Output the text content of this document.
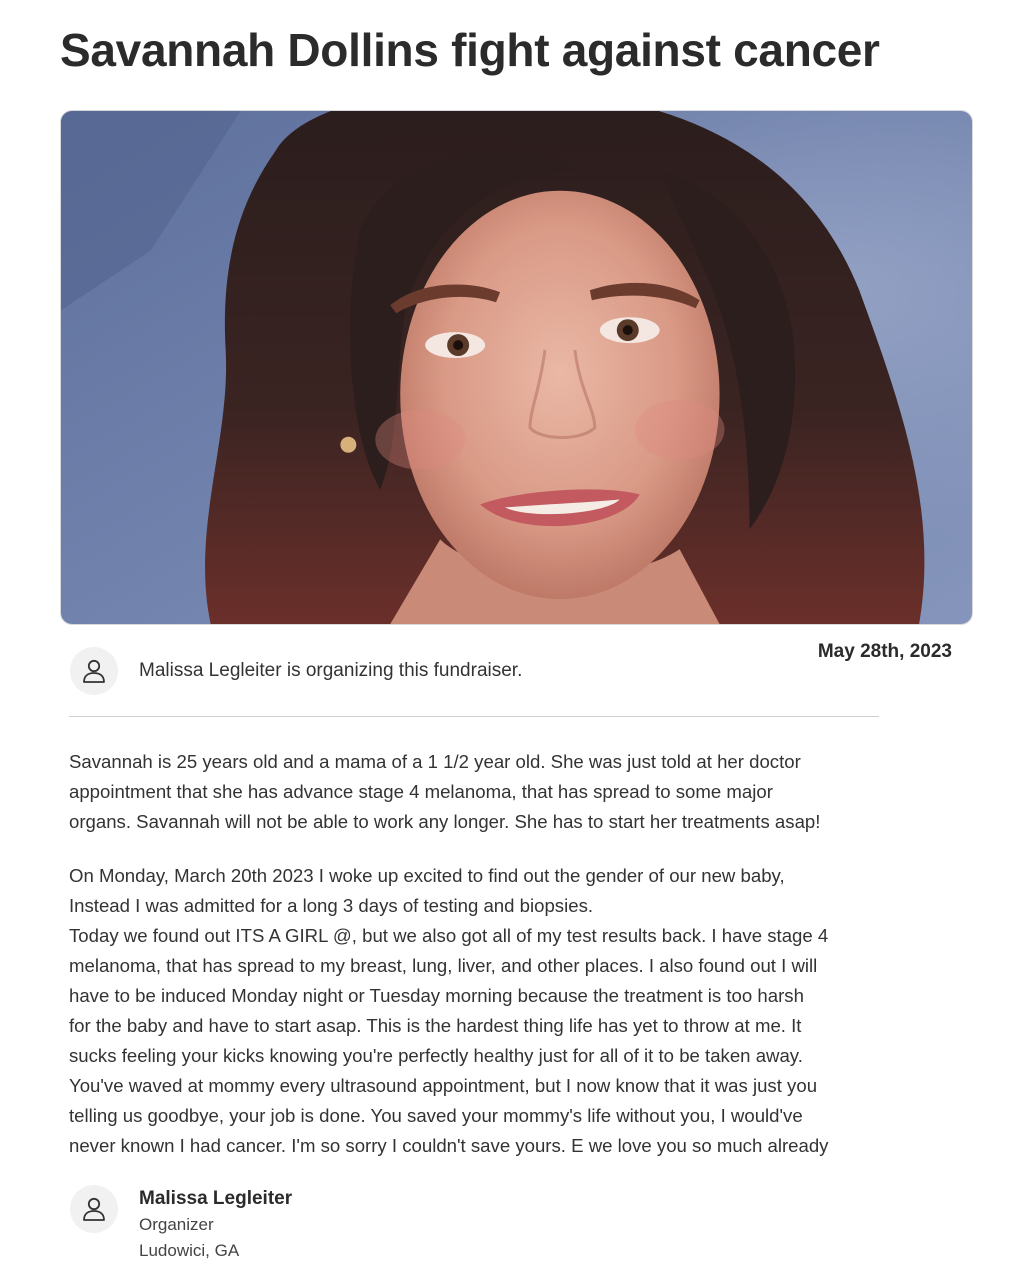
Savannah Dollins fight against cancer
Malissa Legleiter is organizing this fundraiser.
May 28th, 2023

Savannah is 25 years old and a mama of a 1 1/2 year old. She was just told at her doctor

appointment that she has advance stage 4 melanoma, that has spread to some major

organs. Savannah will not be able to work any longer. She has to start her treatments asap!

On Monday, March 20th 2023 I woke up excited to find out the gender of our new baby,

Instead I was admitted for a long 3 days of testing and biopsies.

Today we found out ITS A GIRL @, but we also got all of my test results back. I have stage 4

melanoma, that has spread to my breast, lung, liver, and other places. I also found out I will

have to be induced Monday night or Tuesday morning because the treatment is too harsh

for the baby and have to start asap. This is the hardest thing life has yet to throw at me. It

sucks feeling your kicks knowing you're perfectly healthy just for all of it to be taken away.

You've waved at mommy every ultrasound appointment, but I now know that it was just you

telling us goodbye, your job is done. You saved your mommy's life without you, I would've

never known I had cancer. I'm so sorry I couldn't save yours. E we love you so much already

Malissa Legleiter
Organizer
Ludowici, GA
